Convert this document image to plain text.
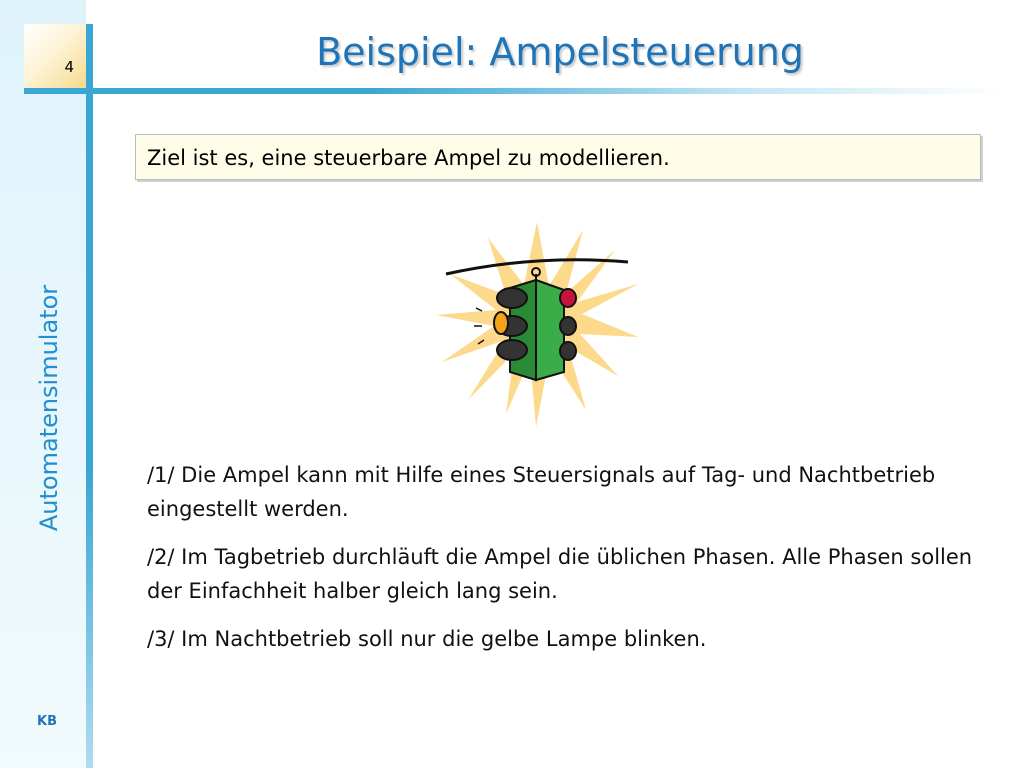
4	Beispiel: Ampelsteuerung
Automatensimulator
KB
Ziel ist es, eine steuerbare Ampel zu modellieren.

/1/ Die Ampel kann mit Hilfe eines Steuersignals auf Tag- und Nachtbetrieb eingestellt werden.

/2/ Im Tagbetrieb durchläuft die Ampel die üblichen Phasen. Alle Phasen sollen der Einfachheit halber gleich lang sein.

/3/ Im Nachtbetrieb soll nur die gelbe Lampe blinken.
